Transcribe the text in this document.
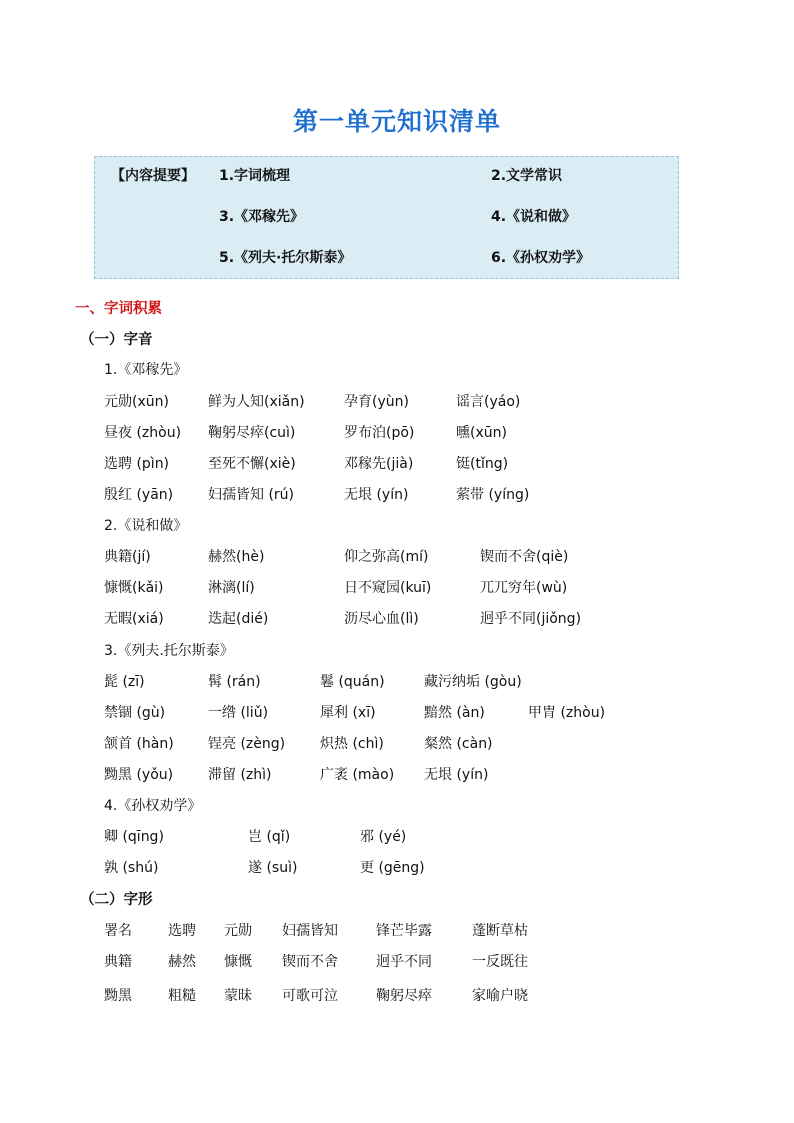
第一单元知识清单
【内容提要】 1.字词梳理	2.文学常识
3.《邓稼先》	4.《说和做》
5.《列夫·托尔斯泰》	6.《孙权劝学》
一、字词积累
（一）字音
1.《邓稼先》
元勋(xūn)	鲜为人知(xiǎn)	孕育(yùn)	谣言(yáo)
昼夜 (zhòu) 鞠躬尽瘁(cuì)	罗布泊(pō)	曛(xūn)
选聘 (pìn)	至死不懈(xiè)	邓稼先(jià)	铤(tǐng)
殷红 (yān) 妇孺皆知 (rú)	无垠 (yín)	萦带 (yíng)
2.《说和做》
典籍(jí)	赫然(hè)	仰之弥高(mí)	锲而不舍(qiè)
慷慨(kǎi)	淋漓(lí)	日不窥园(kuī)	兀兀穷年(wù)
无暇(xiá)	迭起(dié)	沥尽心血(lì)	迥乎不同(jiǒng)
3.《列夫.托尔斯泰》
髭 (zī)	髯 (rán)	鬈 (quán)	藏污纳垢 (gòu)
禁锢 (gù)	一绺 (liǔ)	犀利 (xī)	黯然 (àn)	甲胄 (zhòu)
颔首 (hàn) 锃亮 (zèng) 炽热 (chì)	粲然 (càn)
黝黑 (yǒu) 滞留 (zhì)	广袤 (mào) 无垠 (yín)
4.《孙权劝学》
卿 (qīng)	岂 (qǐ)	邪 (yé)
孰 (shú)	遂 (suì)	更 (gēng)
（二）字形
署名	选聘 元勋 妇孺皆知	锋芒毕露	蓬断草枯
典籍	赫然 慷慨 锲而不舍	迥乎不同	一反既往
黝黑	粗糙 蒙昧 可歌可泣	鞠躬尽瘁	家喻户晓
